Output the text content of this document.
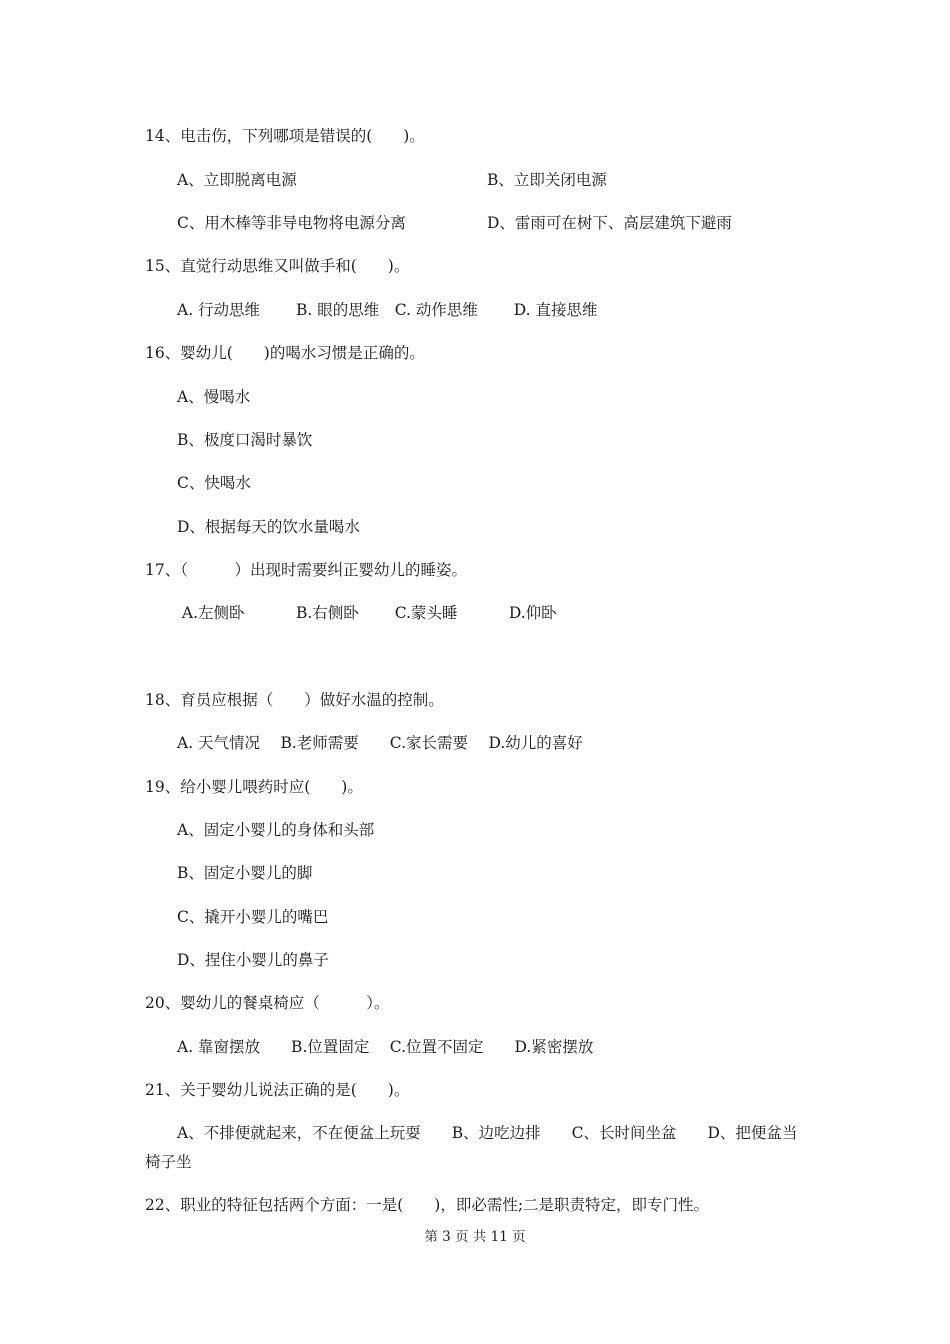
14、电击伤，下列哪项是错误的(　　)。

A、立即脱离电源	B、立即关闭电源

C、用木棒等非导电物将电源分离	D、雷雨可在树下、高层建筑下避雨

15、直觉行动思维又叫做手和(　　)。

A. 行动思维　　 B. 眼的思维　C. 动作思维　　 D. 直接思维

16、婴幼儿(　　)的喝水习惯是正确的。

A、慢喝水

B、极度口渴时暴饮

C、快喝水

D、根据每天的饮水量喝水

17、（　　　）出现时需要纠正婴幼儿的睡姿。

A.左侧卧　　　 B.右侧卧　　 C.蒙头睡　　　 D.仰卧

18、育员应根据（　　）做好水温的控制。

A. 天气情况　 B.老师需要　　C.家长需要　 D.幼儿的喜好

19、给小婴儿喂药时应(　　)。

A、固定小婴儿的身体和头部

B、固定小婴儿的脚

C、撬开小婴儿的嘴巴

D、捏住小婴儿的鼻子

20、婴幼儿的餐桌椅应（　　　）。

A. 靠窗摆放　　B.位置固定　 C.位置不固定　　D.紧密摆放

21、关于婴幼儿说法正确的是(　　)。

A、不排便就起来，不在便盆上玩耍　　B、边吃边排　　C、长时间坐盆　　D、把便盆当

椅子坐

22、职业的特征包括两个方面：一是(　　)，即必需性;二是职责特定，即专门性。

第 3 页 共 11 页
